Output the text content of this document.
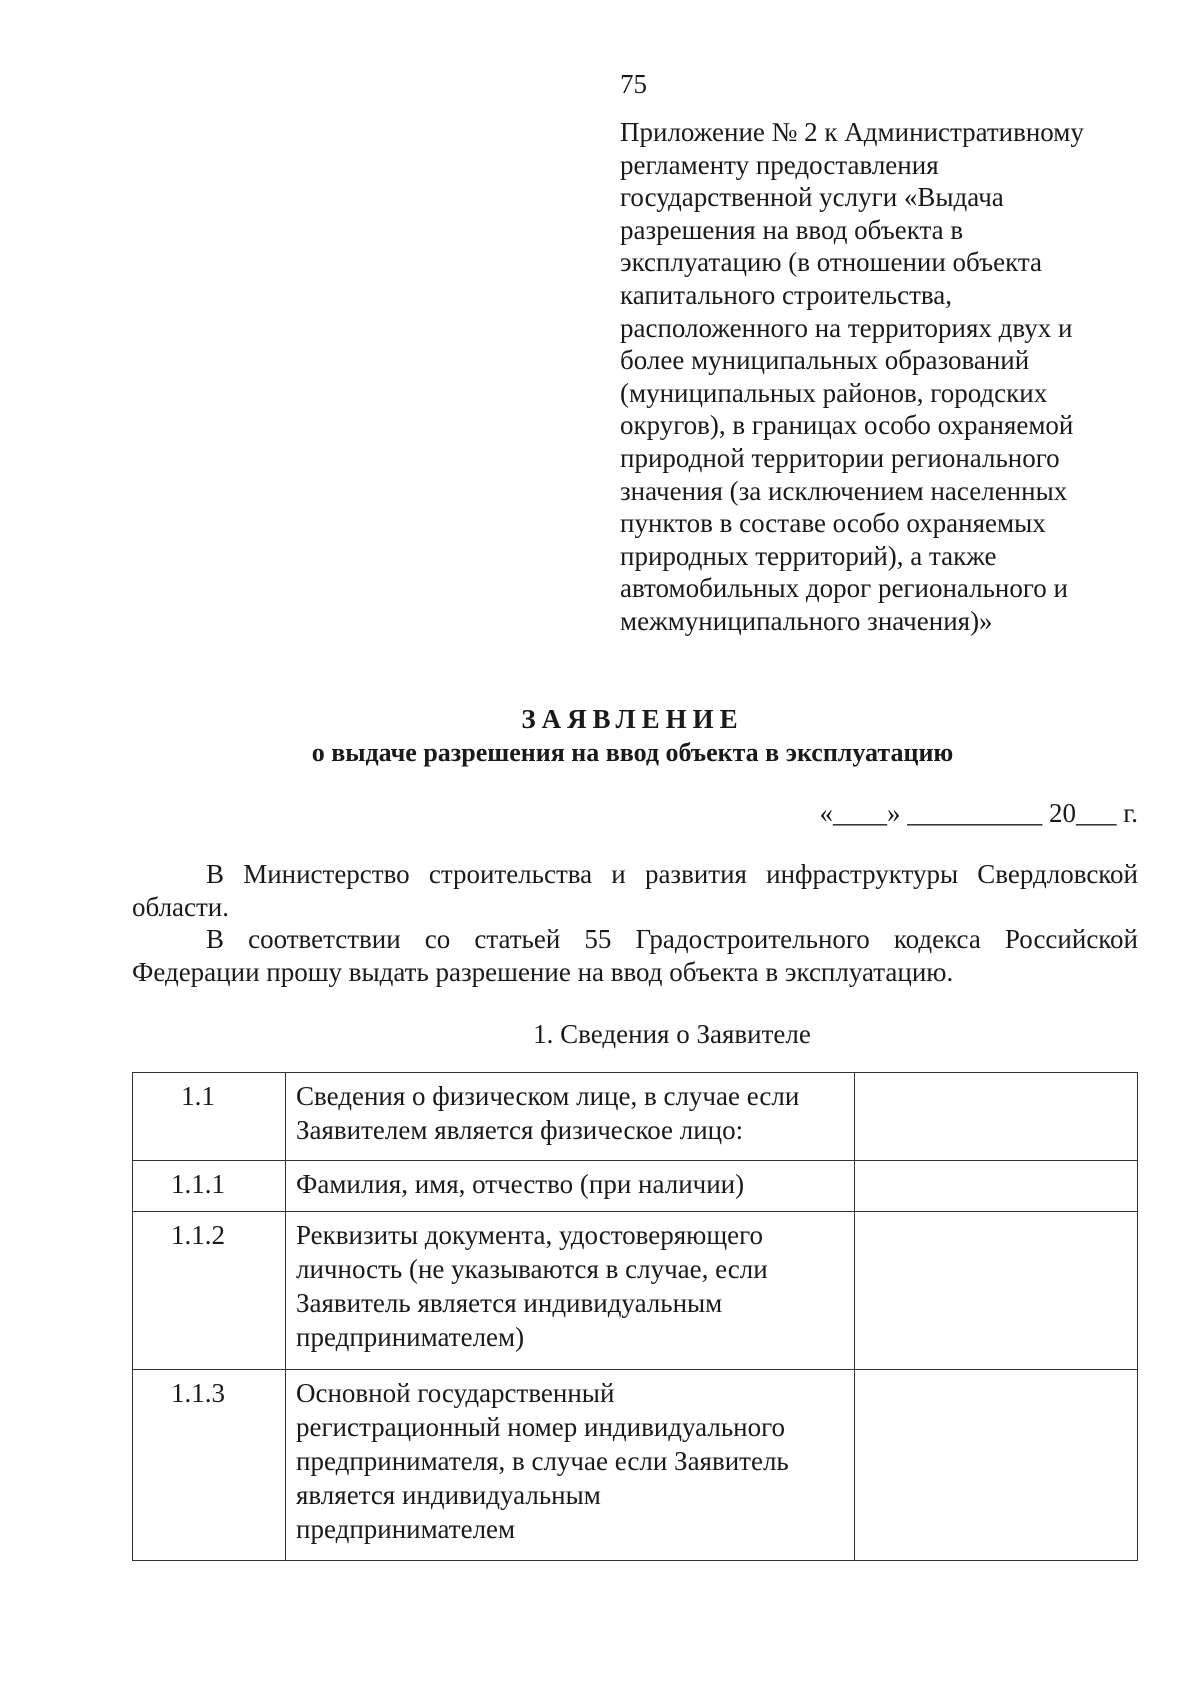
75
Приложение № 2 к Административному
регламенту предоставления
государственной услуги «Выдача
разрешения на ввод объекта в
эксплуатацию (в отношении объекта
капитального строительства,
расположенного на территориях двух и
более муниципальных образований
(муниципальных районов, городских
округов), в границах особо охраняемой
природной территории регионального
значения (за исключением населенных
пунктов в составе особо охраняемых
природных территорий), а также
автомобильных дорог регионального и
межмуниципального значения)»
ЗАЯВЛЕНИЕ
о выдаче разрешения на ввод объекта в эксплуатацию
«____» __________ 20___ г.
В Министерство строительства и развития инфраструктуры Свердловской
области.
В соответствии со статьей 55 Градостроительного кодекса Российской
Федерации прошу выдать разрешение на ввод объекта в эксплуатацию.
1. Сведения о Заявителе
1.1	Сведения о физическом лице, в случае если
Заявителем является физическое лицо:	

1.1.1	Фамилия, имя, отчество (при наличии)	

1.1.2	Реквизиты документа, удостоверяющего
личность (не указываются в случае, если
Заявитель является индивидуальным
предпринимателем)	

1.1.3	Основной государственный
регистрационный номер индивидуального
предпринимателя, в случае если Заявитель
является индивидуальным
предпринимателем	
